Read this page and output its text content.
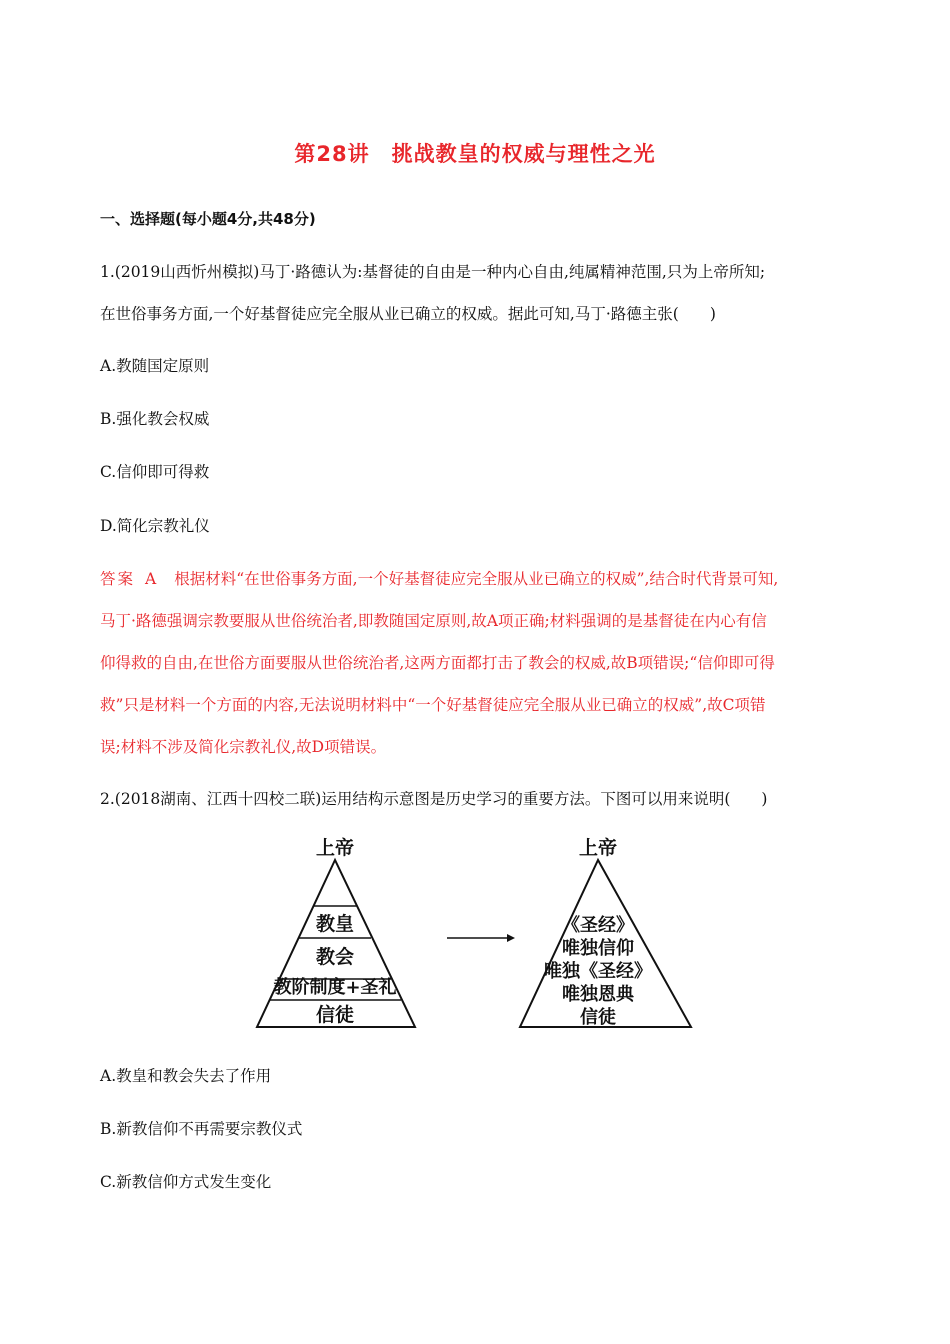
第28讲 挑战教皇的权威与理性之光
一、选择题(每小题4分,共48分)
1.(2019山西忻州模拟)马丁·路德认为:基督徒的自由是一种内心自由,纯属精神范围,只为上帝所知;
在世俗事务方面,一个好基督徒应完全服从业已确立的权威。据此可知,马丁·路德主张(　　)
A.教随国定原则
B.强化教会权威
C.信仰即可得救
D.简化宗教礼仪
答案 A 根据材料“在世俗事务方面,一个好基督徒应完全服从业已确立的权威”,结合时代背景可知,
马丁·路德强调宗教要服从世俗统治者,即教随国定原则,故A项正确;材料强调的是基督徒在内心有信
仰得救的自由,在世俗方面要服从世俗统治者,这两方面都打击了教会的权威,故B项错误;“信仰即可得
救”只是材料一个方面的内容,无法说明材料中“一个好基督徒应完全服从业已确立的权威”,故C项错
误;材料不涉及简化宗教礼仪,故D项错误。
2.(2018湖南、江西十四校二联)运用结构示意图是历史学习的重要方法。下图可以用来说明(　　)
上帝
教皇
教会
教阶制度+圣礼
信徒
上帝
《圣经》
唯独信仰
唯独《圣经》
唯独恩典
信徒
A.教皇和教会失去了作用
B.新教信仰不再需要宗教仪式
C.新教信仰方式发生变化
